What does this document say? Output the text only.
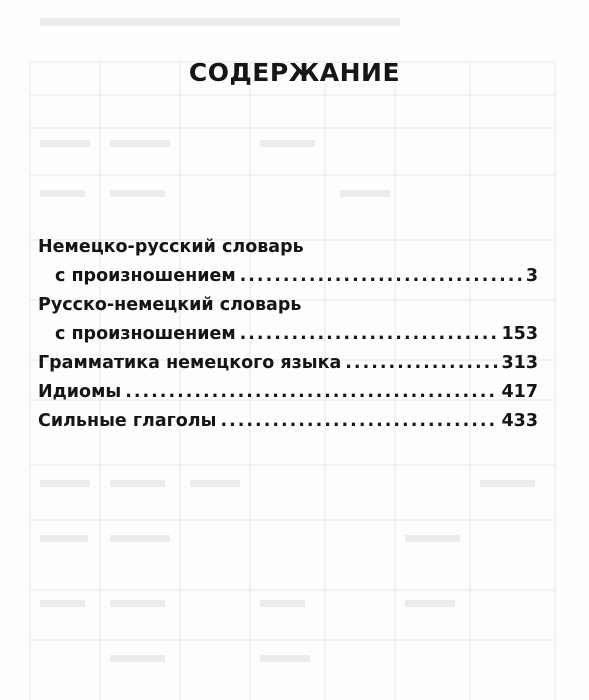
СОДЕРЖАНИЕ
Немецко-русский словарь
с произношением .....	3
Русско-немецкий словарь
с произношением .....	153
Грамматика немецкого языка .....	313
Идиомы .....	417
Сильные глаголы .....	433
